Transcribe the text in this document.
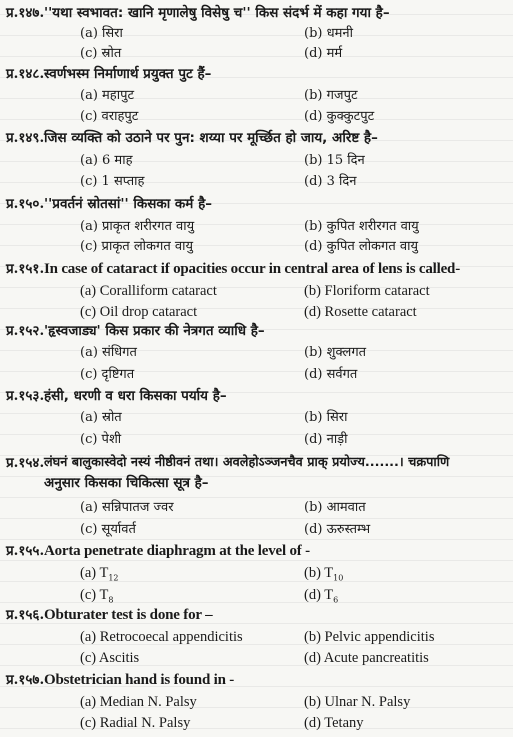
प्र.१४७. ''यथा स्वभावत: खानि मृणालेषु विसेषु च'' किस संदर्भ में कहा गया है–
(a) सिरा	(b) धमनी
(c) स्रोत	(d) मर्म
प्र.१४८. स्वर्णभस्म निर्माणार्थ प्रयुक्त पुट हैं–
(a) महापुट	(b) गजपुट
(c) वराहपुट	(d) कुक्कुटपुट
प्र.१४९. जिस व्यक्ति को उठाने पर पुन: शय्या पर मूर्च्छित हो जाय, अरिष्ट है–
(a) 6 माह	(b) 15 दिन
(c) 1 सप्ताह	(d) 3 दिन
प्र.१५०. ''प्रवर्तनं स्रोतसां'' किसका कर्म है–
(a) प्राकृत शरीरगत वायु	(b) कुपित शरीरगत वायु
(c) प्राकृत लोकगत वायु	(d) कुपित लोकगत वायु
प्र.१५१. In case of cataract if opacities occur in central area of lens is called-
(a) Coralliform cataract	(b) Floriform cataract
(c) Oil drop cataract	(d) Rosette cataract
प्र.१५२. 'हृस्वजाड्य' किस प्रकार की नेत्रगत व्याधि है–
(a) संधिगत	(b) शुक्लगत
(c) दृष्टिगत	(d) सर्वगत
प्र.१५३. हंसी, धरणी व धरा किसका पर्याय है–
(a) स्रोत	(b) सिरा
(c) पेशी	(d) नाड़ी
प्र.१५४. लंघनं बालुकास्वेदो नस्यं नीष्ठीवनं तथा। अवलेहोऽञ्जनचैव प्राक् प्रयोज्य.......। चक्रपाणि
अनुसार किसका चिकित्सा सूत्र है–
(a) सन्निपातज ज्वर	(b) आमवात
(c) सूर्यावर्त	(d) ऊरुस्तम्भ
प्र.१५५. Aorta penetrate diaphragm at the level of -
(a) $T_{12}$	(b) $T_{10}$
(c) $T_8$	(d) $T_6$
प्र.१५६. Obturater test is done for –
(a) Retrocoecal appendicitis	(b) Pelvic appendicitis
(c) Ascitis	(d) Acute pancreatitis
प्र.१५७. Obstetrician hand is found in -
(a) Median N. Palsy	(b) Ulnar N. Palsy
(c) Radial N. Palsy	(d) Tetany
